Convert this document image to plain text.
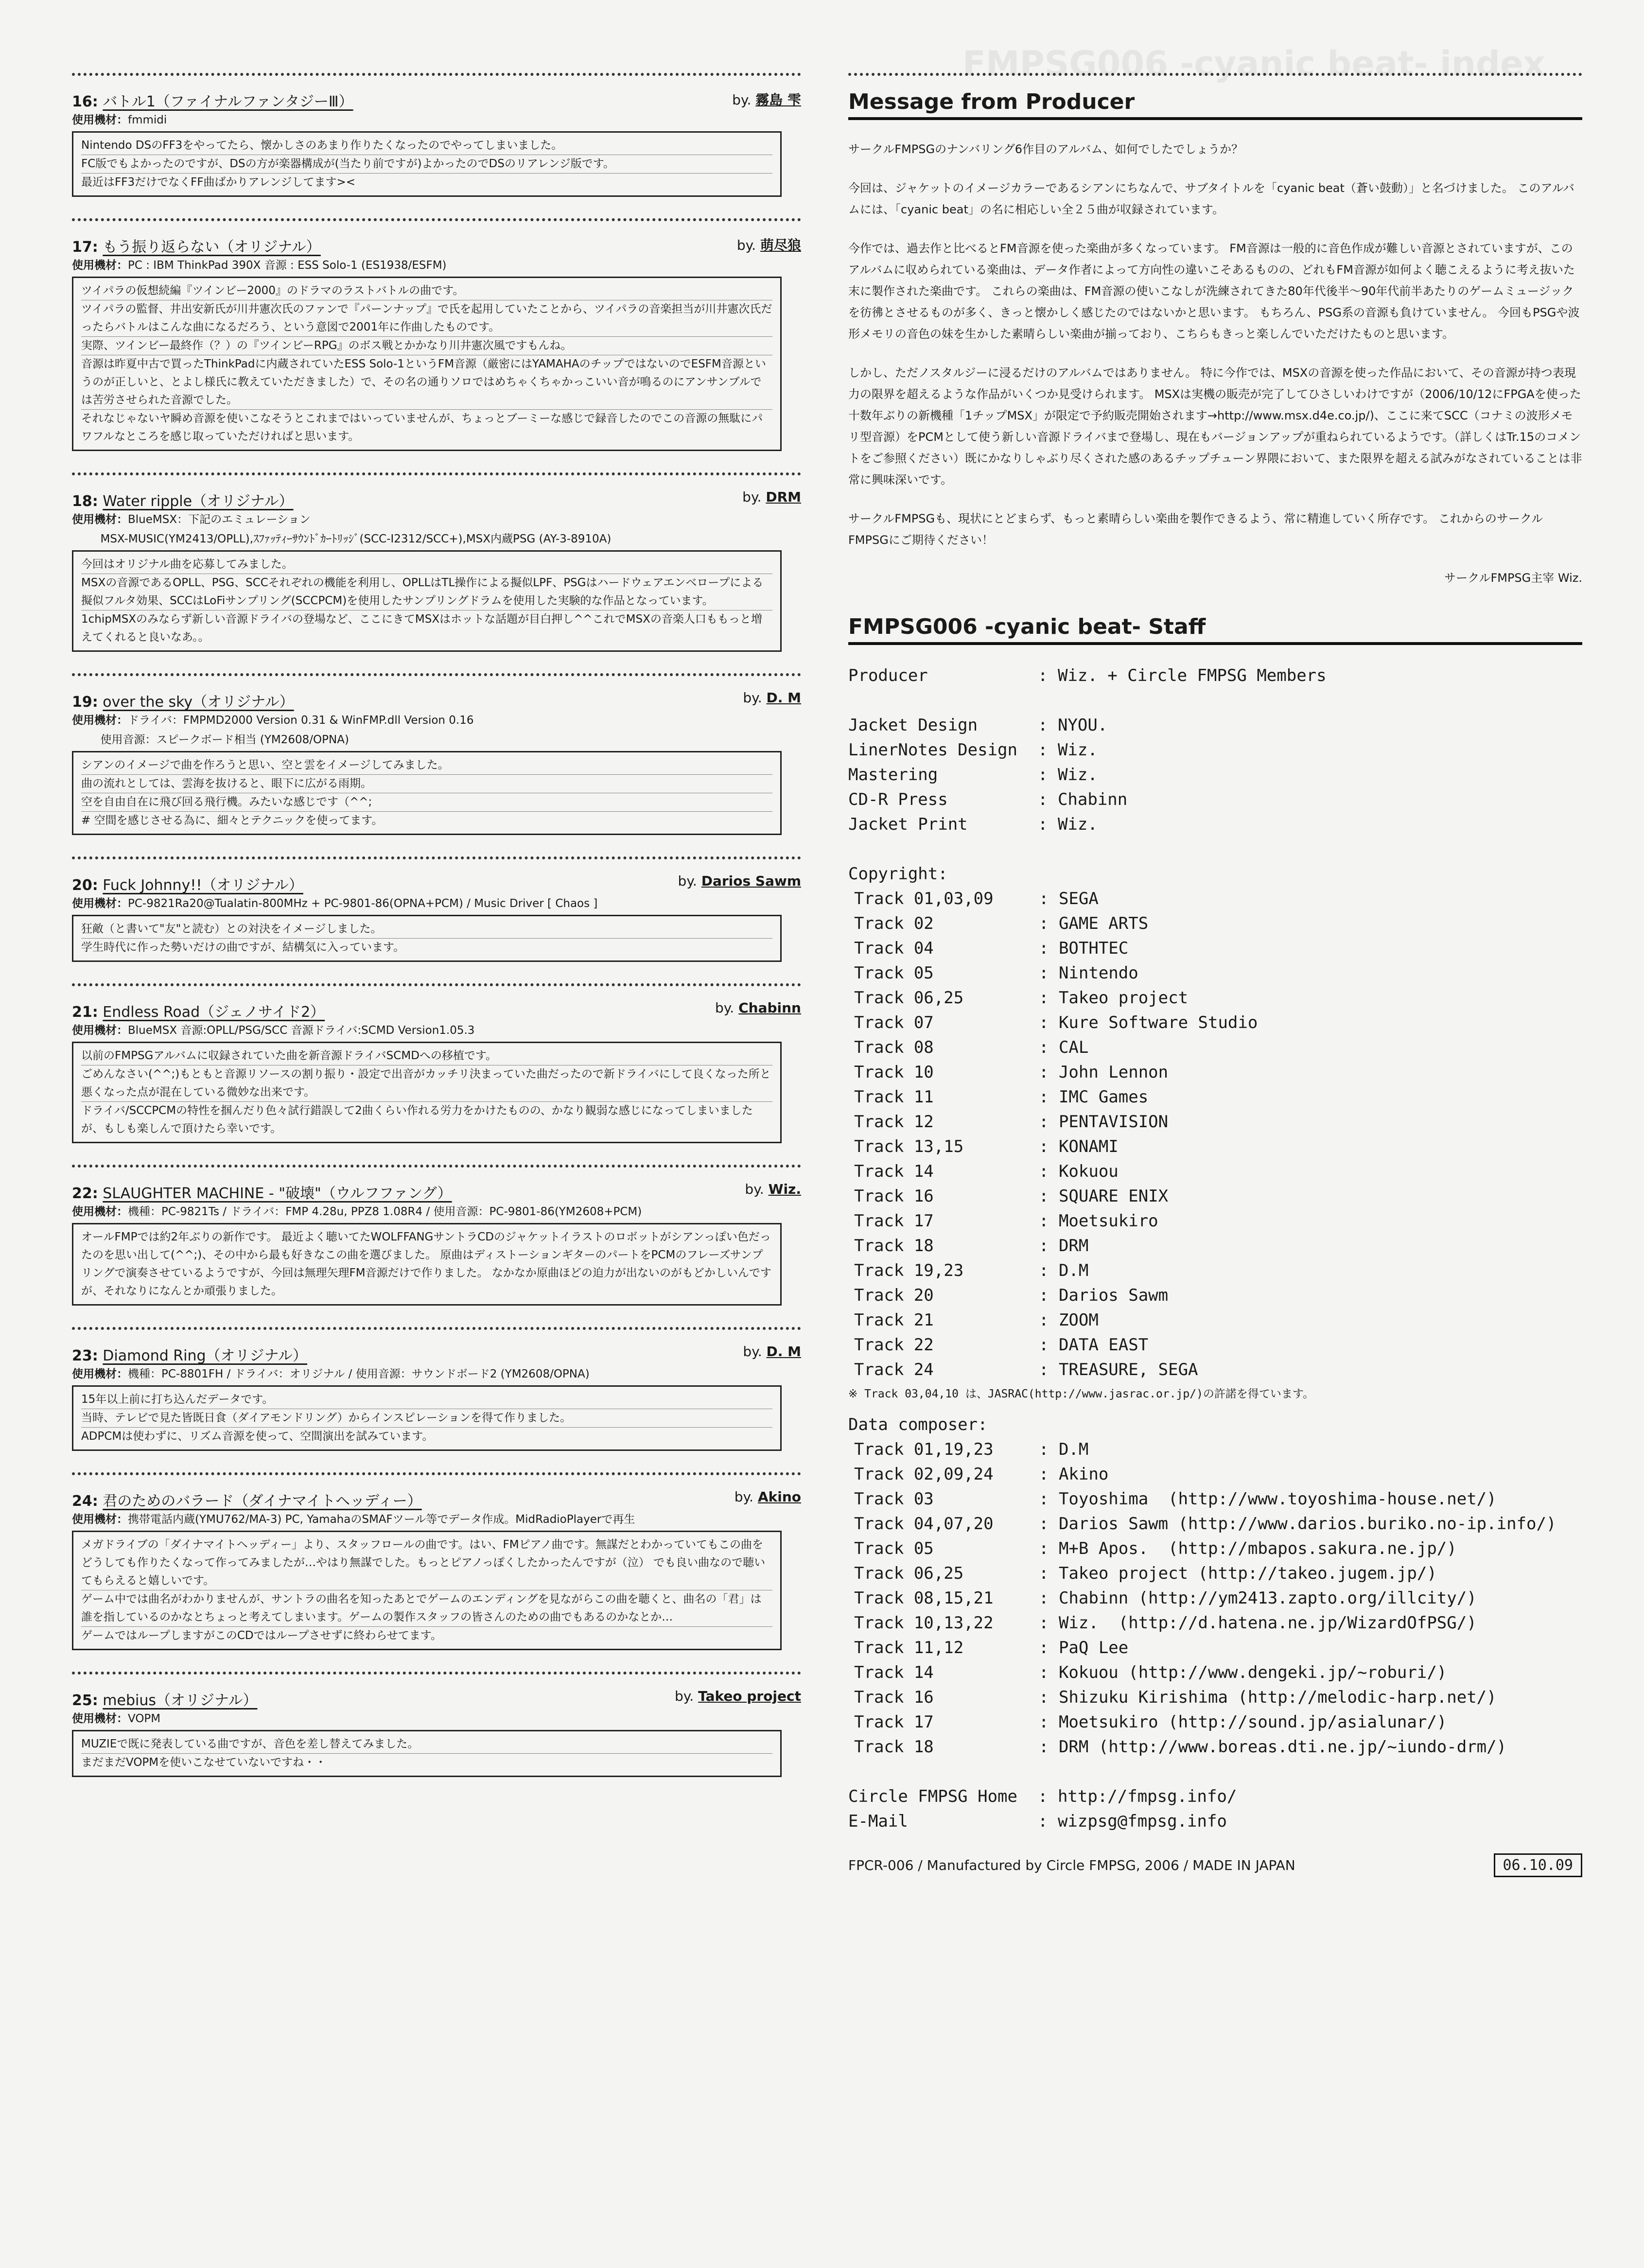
FMPSG006 -cyanic beat- index
16: バトル1（ファイナルファンタジーⅢ）	by. 霧島 雫
使用機材：fmmidi
Nintendo DSのFF3をやってたら、懐かしさのあまり作りたくなったのでやってしまいました。
FC版でもよかったのですが、DSの方が楽器構成が(当たり前ですが)よかったのでDSのリアレンジ版です。
最近はFF3だけでなくFF曲ばかりアレンジしてます><
17: もう振り返らない（オリジナル）	by. 萌尽狼
使用機材：PC : IBM ThinkPad 390X 音源 : ESS Solo-1 (ES1938/ESFM)
ツイパラの仮想続編『ツインビー2000』のドラマのラストバトルの曲です。
ツイパラの監督、井出安新氏が川井憲次氏のファンで『パーンナップ』で氏を起用していたことから、ツイパラの音楽担当が川井憲次氏だったらバトルはこんな曲になるだろう、という意図で2001年に作曲したものです。
実際、ツインビー最終作（？）の『ツインビーRPG』のボス戦とかかなり川井憲次風ですもんね。
音源は昨夏中古で買ったThinkPadに内蔵されていたESS Solo-1というFM音源（厳密にはYAMAHAのチップではないのでESFM音源というのが正しいと、とよし様氏に教えていただきました）で、その名の通りソロではめちゃくちゃかっこいい音が鳴るのにアンサンブルでは苦労させられた音源でした。
それなじゃないヤ瞬め音源を使いこなそうとこれまではいっていませんが、ちょっとブーミーな感じで録音したのでこの音源の無駄にパワフルなところを感じ取っていただければと思います。
18: Water ripple（オリジナル）	by. DRM
使用機材：BlueMSX：下記のエミュレーション
MSX-MUSIC(YM2413/OPLL),ｽﾌｧｯﾃｨｰｻｳﾝﾄﾞｶｰﾄﾘｯｼﾞ(SCC-I2312/SCC+),MSX内蔵PSG (AY-3-8910A)
今回はオリジナル曲を応募してみました。
MSXの音源であるOPLL、PSG、SCCそれぞれの機能を利用し、OPLLはTL操作による擬似LPF、PSGはハードウェアエンベロープによる擬似フルタ効果、SCCはLoFiサンプリング(SCCPCM)を使用したサンプリングドラムを使用した実験的な作品となっています。
1chipMSXのみならず新しい音源ドライバの登場など、ここにきてMSXはホットな話題が目白押し^^これでMSXの音楽人口ももっと増えてくれると良いなあ。。
19: over the sky（オリジナル）	by. D. M
使用機材：ドライバ：FMPMD2000 Version 0.31 & WinFMP.dll Version 0.16
使用音源：スピークボード相当 (YM2608/OPNA)
シアンのイメージで曲を作ろうと思い、空と雲をイメージしてみました。
曲の流れとしては、雲海を抜けると、眼下に広がる雨期。
空を自由自在に飛び回る飛行機。みたいな感じです（^^;
# 空間を感じさせる為に、細々とテクニックを使ってます。
20: Fuck Johnny!!（オリジナル）	by. Darios Sawm
使用機材：PC-9821Ra20@Tualatin-800MHz + PC-9801-86(OPNA+PCM) / Music Driver [ Chaos ]
狂敵（と書いて"友"と読む）との対決をイメージしました。
学生時代に作った勢いだけの曲ですが、結構気に入っています。
21: Endless Road（ジェノサイド2）	by. Chabinn
使用機材：BlueMSX 音源:OPLL/PSG/SCC 音源ドライバ:SCMD Version1.05.3
以前のFMPSGアルバムに収録されていた曲を新音源ドライバSCMDへの移植です。
ごめんなさい(^^;)もともと音源リソースの割り振り・設定で出音がカッチリ決まっていた曲だったので新ドライバにして良くなった所と悪くなった点が混在している微妙な出来です。
ドライバ/SCCPCMの特性を掴んだり色々試行錯誤して2曲くらい作れる労力をかけたものの、かなり観弱な感じになってしまいましたが、もしも楽しんで頂けたら幸いです。
22: SLAUGHTER MACHINE - "破壊"（ウルフファング）	by. Wiz.
使用機材：機種：PC-9821Ts / ドライバ：FMP 4.28u, PPZ8 1.08R4 / 使用音源：PC-9801-86(YM2608+PCM)
オールFMPでは約2年ぶりの新作です。 最近よく聴いてたWOLFFANGサントラCDのジャケットイラストのロボットがシアンっぽい色だったのを思い出して(^^;)、その中から最も好きなこの曲を選びました。 原曲はディストーションギターのパートをPCMのフレーズサンプリングで演奏させているようですが、今回は無理矢理FM音源だけで作りました。 なかなか原曲ほどの迫力が出ないのがもどかしいんですが、それなりになんとか頑張りました。
23: Diamond Ring（オリジナル）	by. D. M
使用機材：機種：PC-8801FH / ドライバ：オリジナル / 使用音源：サウンドボード2 (YM2608/OPNA)
15年以上前に打ち込んだデータです。
当時、テレビで見た皆既日食（ダイアモンドリング）からインスピレーションを得て作りました。
ADPCMは使わずに、リズム音源を使って、空間演出を試みています。
24: 君のためのバラード（ダイナマイトヘッディー）	by. Akino
使用機材：携帯電話内蔵(YMU762/MA-3) PC, YamahaのSMAFツール等でデータ作成。MidRadioPlayerで再生
メガドライブの「ダイナマイトヘッディー」より、スタッフロールの曲です。はい、FMピアノ曲です。無謀だとわかっていてもこの曲をどうしても作りたくなって作ってみましたが…やはり無謀でした。もっとピアノっぽくしたかったんですが（泣） でも良い曲なので聴いてもらえると嬉しいです。
ゲーム中では曲名がわかりませんが、サントラの曲名を知ったあとでゲームのエンディングを見ながらこの曲を聴くと、曲名の「君」は誰を指しているのかなとちょっと考えてしまいます。ゲームの製作スタッフの皆さんのための曲でもあるのかなとか…
ゲームではループしますがこのCDではループさせずに終わらせてます。
25: mebius（オリジナル）	by. Takeo project
使用機材：VOPM
MUZIEで既に発表している曲ですが、音色を差し替えてみました。
まだまだVOPMを使いこなせていないですね・・
Message from Producer

サークルFMPSGのナンバリング6作目のアルバム、如何でしたでしょうか？

今回は、ジャケットのイメージカラーであるシアンにちなんで、サブタイトルを「cyanic beat（蒼い鼓動）」と名づけました。 このアルバムには、「cyanic beat」の名に相応しい全２５曲が収録されています。

今作では、過去作と比べるとFM音源を使った楽曲が多くなっています。 FM音源は一般的に音色作成が難しい音源とされていますが、このアルバムに収められている楽曲は、データ作者によって方向性の違いこそあるものの、どれもFM音源が如何よく聴こえるように考え抜いた末に製作された楽曲です。 これらの楽曲は、FM音源の使いこなしが洗練されてきた80年代後半～90年代前半あたりのゲームミュージックを彷彿とさせるものが多く、きっと懐かしく感じたのではないかと思います。 もちろん、PSG系の音源も負けていません。 今回もPSGや波形メモリの音色の妹を生かした素晴らしい楽曲が揃っており、こちらもきっと楽しんでいただけたものと思います。

しかし、ただノスタルジーに浸るだけのアルバムではありません。 特に今作では、MSXの音源を使った作品において、その音源が持つ表現力の限界を超えるような作品がいくつか見受けられます。 MSXは実機の販売が完了してひさしいわけですが（2006/10/12にFPGAを使った十数年ぶりの新機種「1チップMSX」が限定で予約販売開始されます→http://www.msx.d4e.co.jp/)、ここに来てSCC（コナミの波形メモリ型音源）をPCMとして使う新しい音源ドライバまで登場し、現在もバージョンアップが重ねられているようです。（詳しくはTr.15のコメントをご参照ください）既にかなりしゃぶり尽くされた感のあるチップチューン界隈において、また限界を超える試みがなされていることは非常に興味深いです。

サークルFMPSGも、現状にとどまらず、もっと素晴らしい楽曲を製作できるよう、常に精進していく所存です。 これからのサークルFMPSGにご期待ください！

サークルFMPSG主宰 Wiz.
FMPSG006 -cyanic beat- Staff
Producer	: Wiz. + Circle FMPSG Members
Jacket Design	: NYOU.
LinerNotes Design	: Wiz.
Mastering	: Wiz.
CD-R Press	: Chabinn
Jacket Print	: Wiz.
Copyright:
Track 01,03,09	: SEGA
Track 02	: GAME ARTS
Track 04	: BOTHTEC
Track 05	: Nintendo
Track 06,25	: Takeo project
Track 07	: Kure Software Studio
Track 08	: CAL
Track 10	: John Lennon
Track 11	: IMC Games
Track 12	: PENTAVISION
Track 13,15	: KONAMI
Track 14	: Kokuou
Track 16	: SQUARE ENIX
Track 17	: Moetsukiro
Track 18	: DRM
Track 19,23	: D.M
Track 20	: Darios Sawm
Track 21	: ZOOM
Track 22	: DATA EAST
Track 24	: TREASURE, SEGA
※ Track 03,04,10 は、JASRAC(http://www.jasrac.or.jp/)の許諾を得ています。
Data composer:
Track 01,19,23	: D.M
Track 02,09,24	: Akino
Track 03	: Toyoshima  (http://www.toyoshima-house.net/)
Track 04,07,20	: Darios Sawm (http://www.darios.buriko.no-ip.info/)
Track 05	: M+B Apos.  (http://mbapos.sakura.ne.jp/)
Track 06,25	: Takeo project (http://takeo.jugem.jp/)
Track 08,15,21	: Chabinn (http://ym2413.zapto.org/illcity/)
Track 10,13,22	: Wiz.  (http://d.hatena.ne.jp/WizardOfPSG/)
Track 11,12	: PaQ Lee
Track 14	: Kokuou (http://www.dengeki.jp/~roburi/)
Track 16	: Shizuku Kirishima (http://melodic-harp.net/)
Track 17	: Moetsukiro (http://sound.jp/asialunar/)
Track 18	: DRM (http://www.boreas.dti.ne.jp/~iundo-drm/)
Circle FMPSG Home	: http://fmpsg.info/
E-Mail	: wizpsg@fmpsg.info
FPCR-006 / Manufactured by Circle FMPSG, 2006 / MADE IN JAPAN	06.10.09
